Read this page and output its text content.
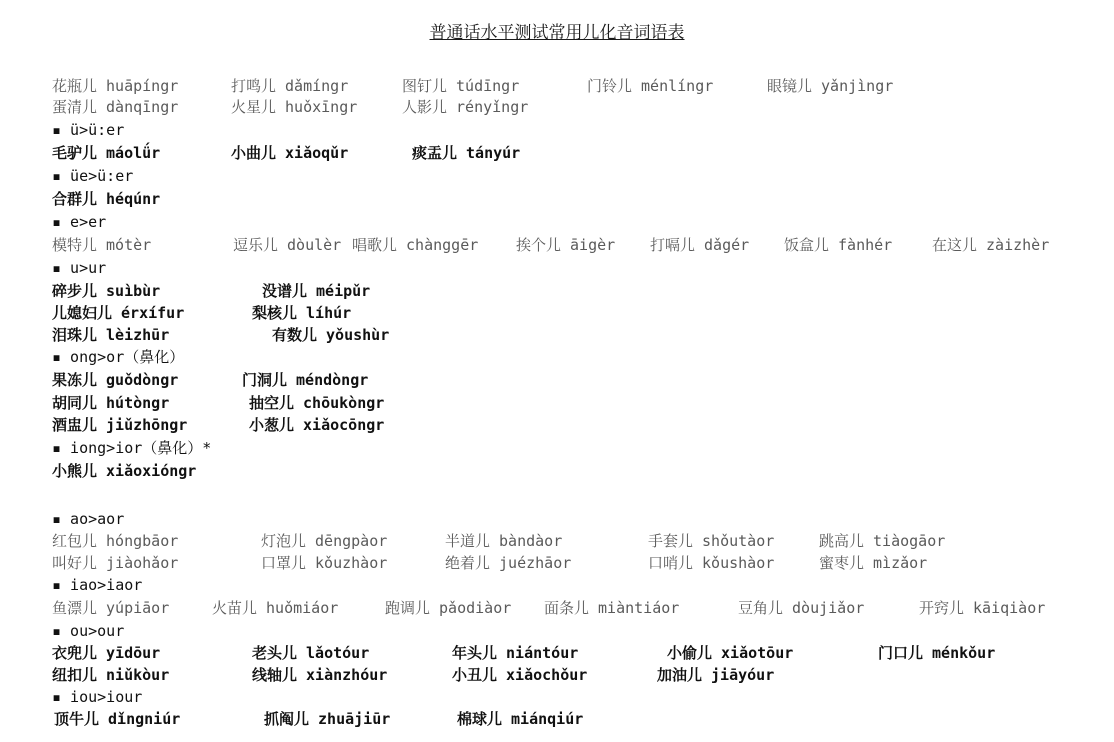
普通话水平测试常用儿化音词语表
花瓶儿 huāpíngr	打鸣儿 dǎmíngr	图钉儿 túdīngr	门铃儿 ménlíngr	眼镜儿 yǎnjìngr
蛋清儿 dànqīngr	火星儿 huǒxīngr	人影儿 rényǐngr
▪ ü>ü:er
毛驴儿 máolǘr	小曲儿 xiǎoqǔr	痰盂儿 tányúr
▪ üe>ü:er
合群儿 héqúnr
▪ e>er
模特儿 mótèr	逗乐儿 dòulèr 唱歌儿 chànggēr	挨个儿 āigèr 打嗝儿 dǎgér 饭盒儿 fànhér	在这儿 zàizhèr
▪ u>ur
碎步儿 suìbùr	没谱儿 méipǔr
儿媳妇儿 érxífur	梨核儿 líhúr
泪珠儿 lèizhūr	有数儿 yǒushùr
▪ ong>or（鼻化）
果冻儿 guǒdòngr	门洞儿 méndòngr
胡同儿 hútòngr	抽空儿 chōukòngr
酒盅儿 jiǔzhōngr	小葱儿 xiǎocōngr
▪ iong>ior（鼻化）*
小熊儿 xiǎoxióngr
▪ ao>aor
红包儿 hóngbāor	灯泡儿 dēngpàor	半道儿 bàndàor	手套儿 shǒutàor	跳高儿 tiàogāor
叫好儿 jiàohǎor	口罩儿 kǒuzhàor	绝着儿 juézhāor	口哨儿 kǒushàor	蜜枣儿 mìzǎor
▪ iao>iaor
鱼漂儿 yúpiāor	火苗儿 huǒmiáor	跑调儿 pǎodiàor 面条儿 miàntiáor	豆角儿 dòujiǎor	开窍儿 kāiqiàor
▪ ou>our
衣兜儿 yīdōur	老头儿 lǎotóur	年头儿 niántóur	小偷儿 xiǎotōur	门口儿 ménkǒur
纽扣儿 niǔkòur	线轴儿 xiànzhóur	小丑儿 xiǎochǒur	加油儿 jiāyóur
▪ iou>iour
顶牛儿 dǐngniúr	抓阄儿 zhuājiūr	棉球儿 miánqiúr
